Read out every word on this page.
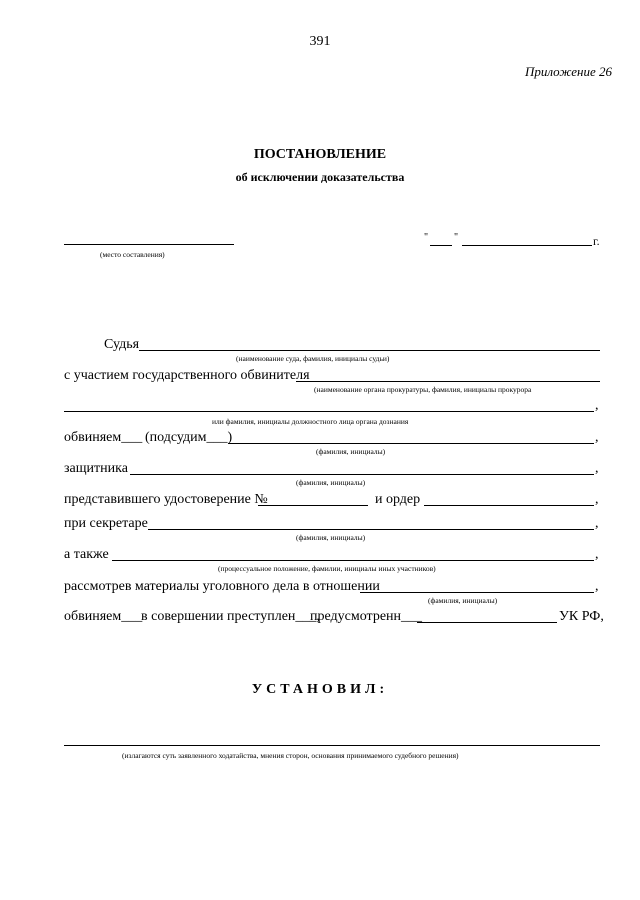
391
Приложение 26
ПОСТАНОВЛЕНИЕ
об исключении доказательства
(место составления)
"	"	г.
Судья
(наименование суда, фамилия, инициалы судьи)
с участием государственного обвинителя
(наименование органа прокуратуры, фамилия, инициалы прокурора
,
или фамилия, инициалы должностного лица органа дознания
обвиняем___ (подсудим___)	,
(фамилия, инициалы)
защитника	,
(фамилия, инициалы)
представившего удостоверение №	и ордер	,
при секретаре	,
(фамилия, инициалы)
а также	,
(процессуальное положение, фамилии, инициалы иных участников)
рассмотрев материалы уголовного дела в отношении	,
(фамилия, инициалы)
обвиняем___
в совершении преступлен___,
предусмотренн___	УК РФ,
УСТАНОВИЛ:
(излагаются суть заявленного ходатайства, мнения сторон, основания принимаемого судебного решения)
